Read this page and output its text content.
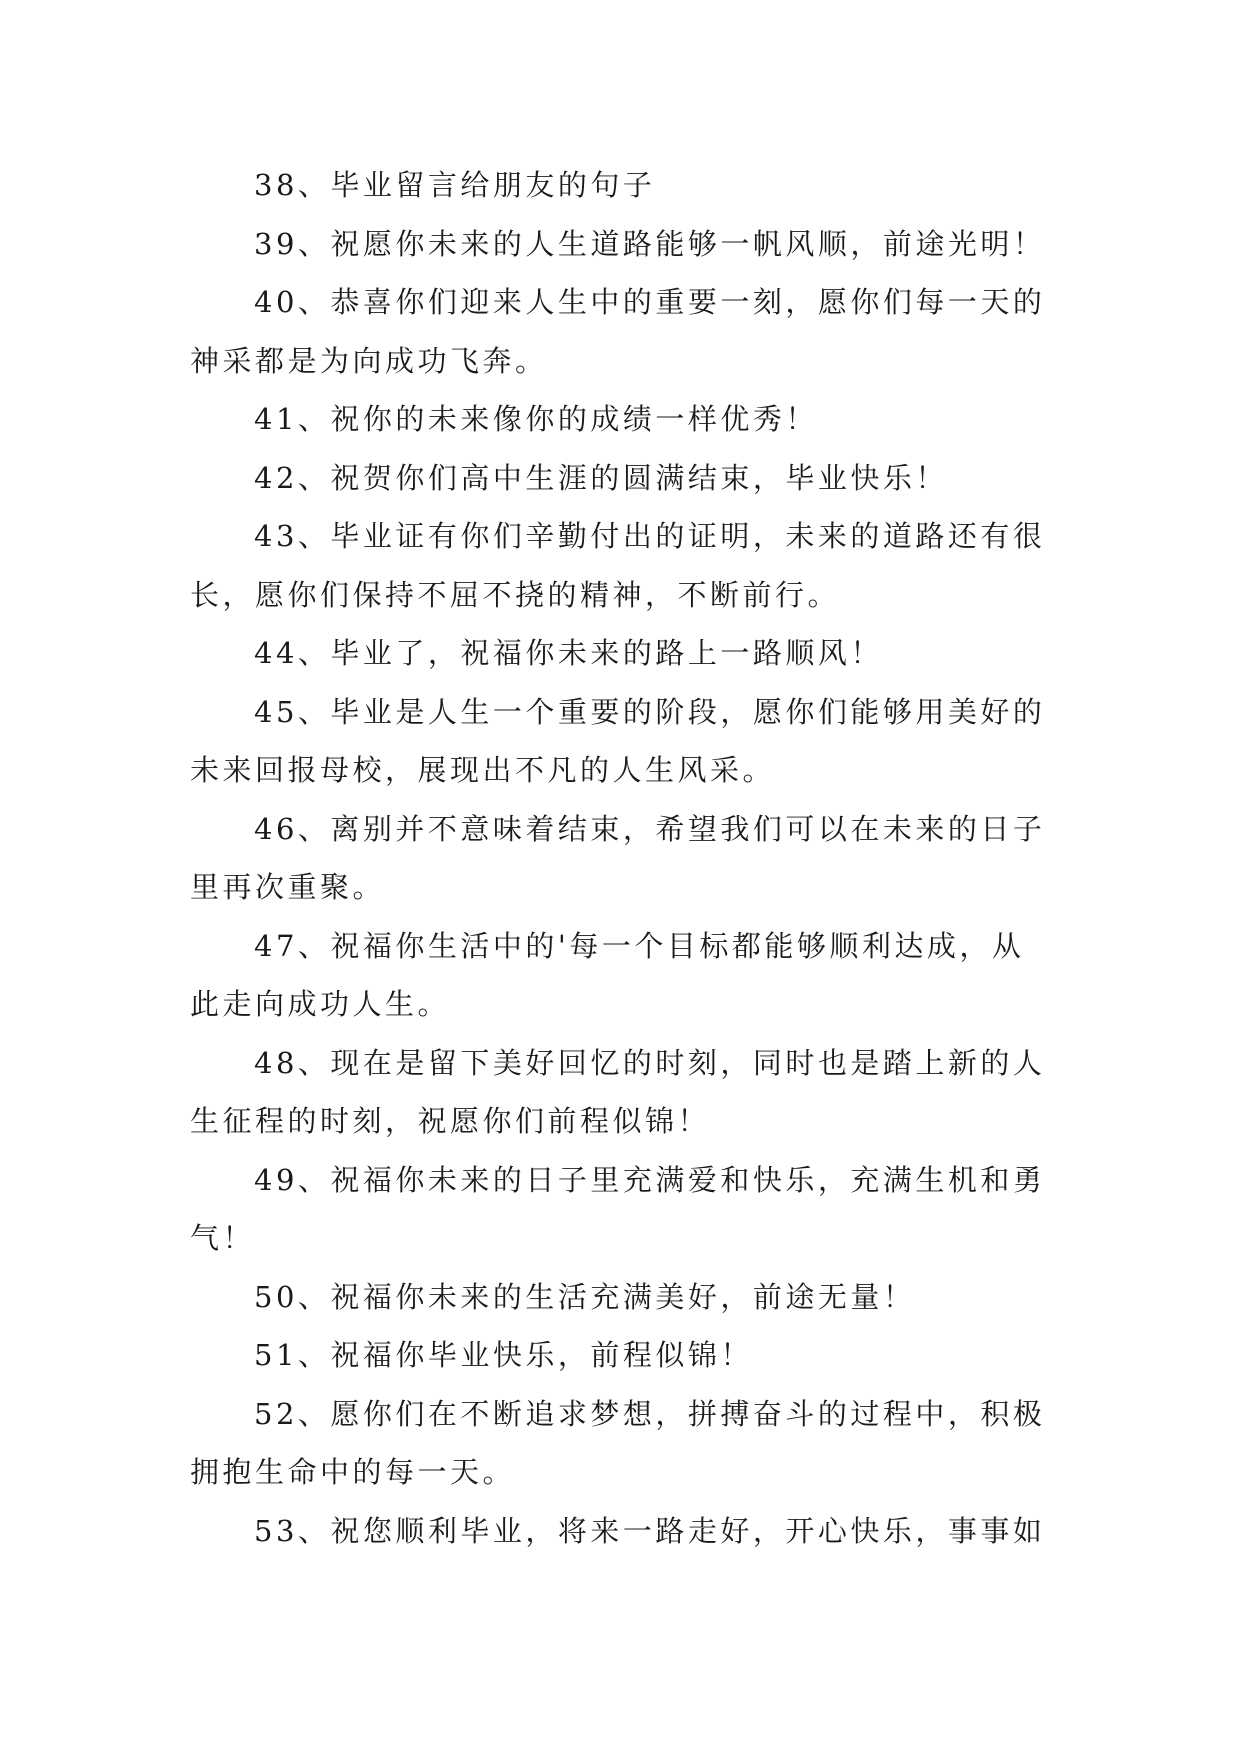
38、毕业留言给朋友的句子

39、祝愿你未来的人生道路能够一帆风顺，前途光明！

40、恭喜你们迎来人生中的重要一刻，愿你们每一天的神采都是为向成功飞奔。

41、祝你的未来像你的成绩一样优秀！

42、祝贺你们高中生涯的圆满结束，毕业快乐！

43、毕业证有你们辛勤付出的证明，未来的道路还有很长，愿你们保持不屈不挠的精神，不断前行。

44、毕业了，祝福你未来的路上一路顺风！

45、毕业是人生一个重要的阶段，愿你们能够用美好的未来回报母校，展现出不凡的人生风采。

46、离别并不意味着结束，希望我们可以在未来的日子里再次重聚。

47、祝福你生活中的'每一个目标都能够顺利达成，从此走向成功人生。

48、现在是留下美好回忆的时刻，同时也是踏上新的人生征程的时刻，祝愿你们前程似锦！

49、祝福你未来的日子里充满爱和快乐，充满生机和勇气！

50、祝福你未来的生活充满美好，前途无量！

51、祝福你毕业快乐，前程似锦！

52、愿你们在不断追求梦想，拼搏奋斗的过程中，积极拥抱生命中的每一天。

53、祝您顺利毕业，将来一路走好，开心快乐，事事如
